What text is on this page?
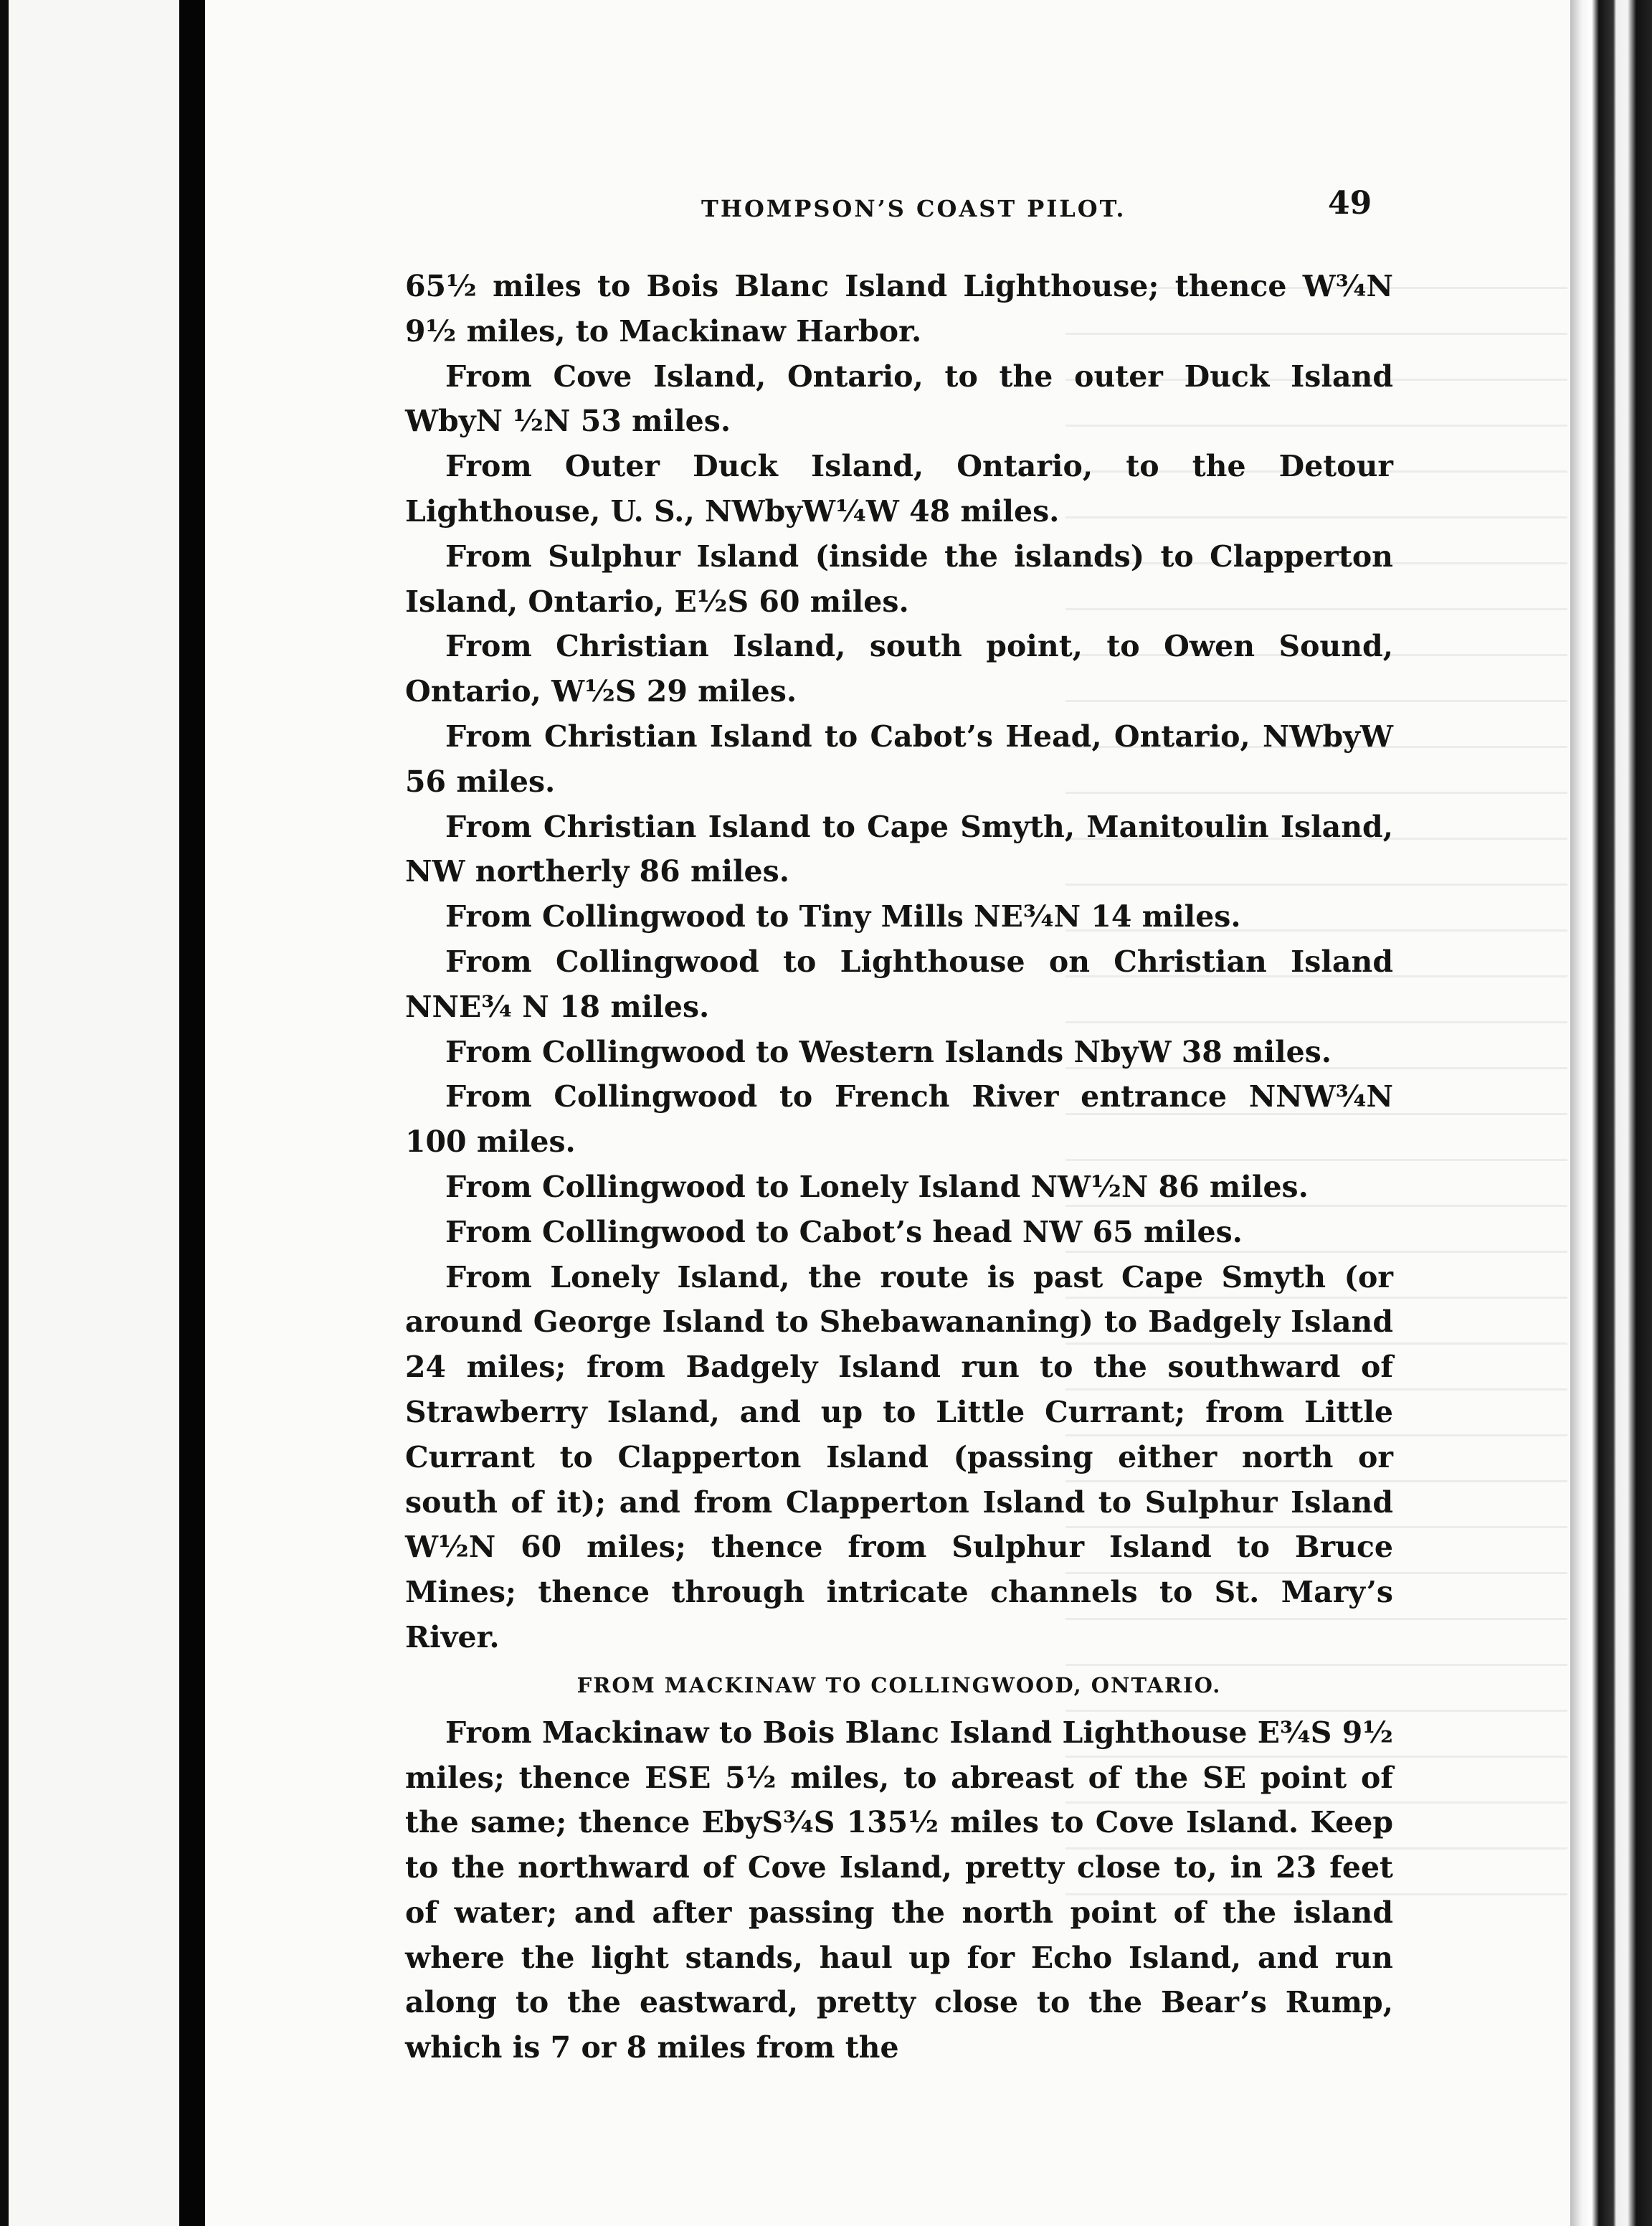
THOMPSON’S COAST PILOT.	49

65½ miles to Bois Blanc Island Lighthouse; thence W¾N 9½ miles, to Mackinaw Harbor.

From Cove Island, Ontario, to the outer Duck Island WbyN ½N 53 miles.

From Outer Duck Island, Ontario, to the Detour Lighthouse, U. S., NWbyW¼W 48 miles.

From Sulphur Island (inside the islands) to Clapperton Island, Ontario, E½S 60 miles.

From Christian Island, south point, to Owen Sound, Ontario, W½S 29 miles.

From Christian Island to Cabot’s Head, Ontario, NWbyW 56 miles.

From Christian Island to Cape Smyth, Manitoulin Island, NW northerly 86 miles.

From Collingwood to Tiny Mills NE¾N 14 miles.

From Collingwood to Lighthouse on Christian Island NNE¾ N 18 miles.

From Collingwood to Western Islands NbyW 38 miles.

From Collingwood to French River entrance NNW¾N 100 miles.

From Collingwood to Lonely Island NW½N 86 miles.

From Collingwood to Cabot’s head NW 65 miles.

From Lonely Island, the route is past Cape Smyth (or around George Island to Shebawananing) to Badgely Island 24 miles; from Badgely Island run to the southward of Strawberry Island, and up to Little Currant; from Little Currant to Clapperton Island (passing either north or south of it); and from Clapperton Island to Sulphur Island W½N 60 miles; thence from Sulphur Island to Bruce Mines; thence through intricate channels to St. Mary’s River.

FROM MACKINAW TO COLLINGWOOD, ONTARIO.

From Mackinaw to Bois Blanc Island Lighthouse E¾S 9½ miles; thence ESE 5½ miles, to abreast of the SE point of the same; thence EbyS¾S 135½ miles to Cove Island. Keep to the northward of Cove Island, pretty close to, in 23 feet of water; and after passing the north point of the island where the light stands, haul up for Echo Island, and run along to the eastward, pretty close to the Bear’s Rump, which is 7 or 8 miles from the
